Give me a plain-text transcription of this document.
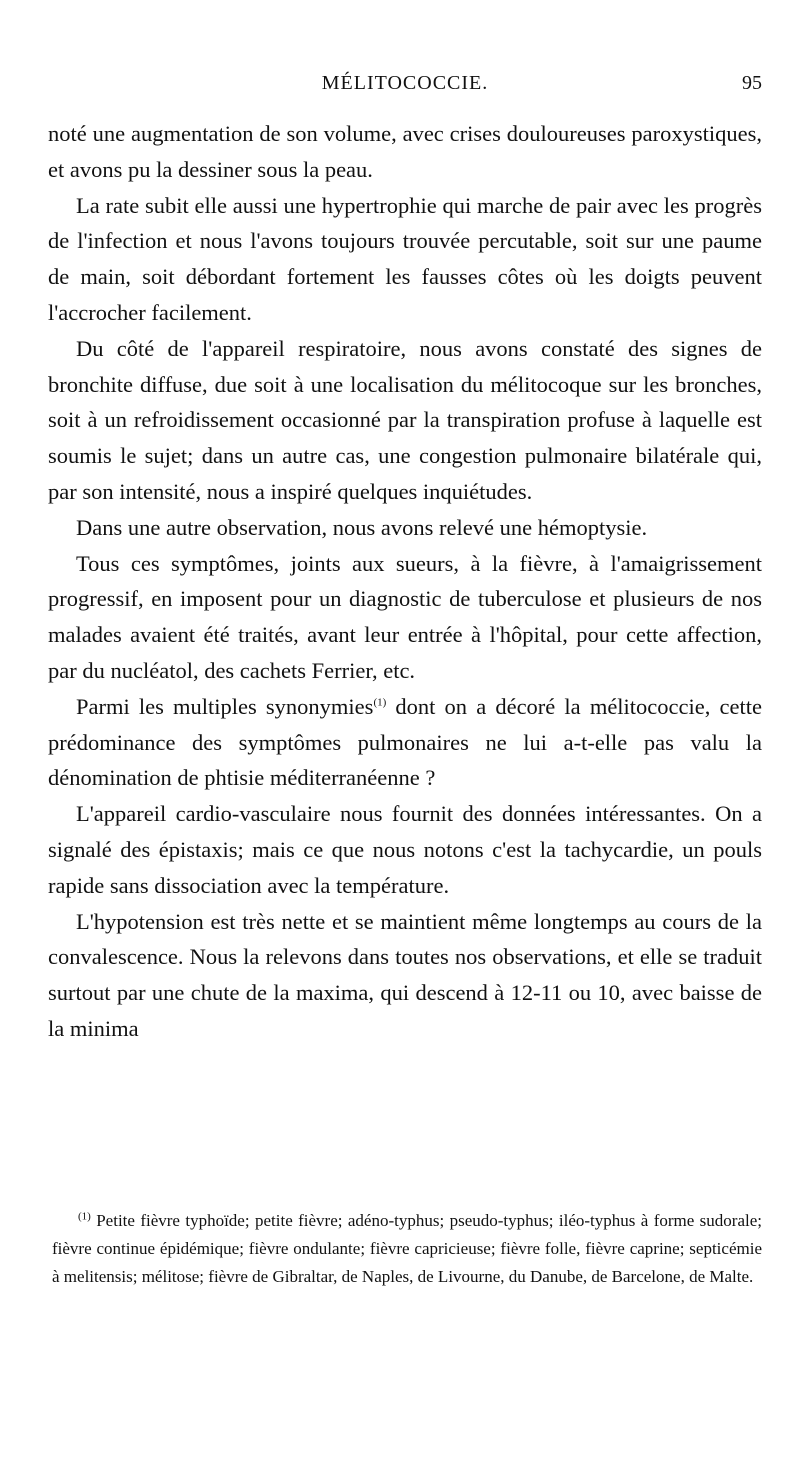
MÉLITOCOCCIE.	95

noté une augmentation de son volume, avec crises douloureuses paroxystiques, et avons pu la dessiner sous la peau.

La rate subit elle aussi une hypertrophie qui marche de pair avec les progrès de l'infection et nous l'avons toujours trouvée percutable, soit sur une paume de main, soit débordant fortement les fausses côtes où les doigts peuvent l'accrocher facilement.

Du côté de l'appareil respiratoire, nous avons constaté des signes de bronchite diffuse, due soit à une localisation du mélitocoque sur les bronches, soit à un refroidissement occasionné par la transpiration profuse à laquelle est soumis le sujet; dans un autre cas, une congestion pulmonaire bilatérale qui, par son intensité, nous a inspiré quelques inquiétudes.

Dans une autre observation, nous avons relevé une hémoptysie.

Tous ces symptômes, joints aux sueurs, à la fièvre, à l'amaigrissement progressif, en imposent pour un diagnostic de tuberculose et plusieurs de nos malades avaient été traités, avant leur entrée à l'hôpital, pour cette affection, par du nucléatol, des cachets Ferrier, etc.

Parmi les multiples synonymies$^{(1)}$ dont on a décoré la mélitococcie, cette prédominance des symptômes pulmonaires ne lui a-t-elle pas valu la dénomination de phtisie méditerranéenne ?

L'appareil cardio-vasculaire nous fournit des données intéressantes. On a signalé des épistaxis; mais ce que nous notons c'est la tachycardie, un pouls rapide sans dissociation avec la température.

L'hypotension est très nette et se maintient même longtemps au cours de la convalescence. Nous la relevons dans toutes nos observations, et elle se traduit surtout par une chute de la maxima, qui descend à 12-11 ou 10, avec baisse de la minima

$^{(1)}$ Petite fièvre typhoïde; petite fièvre; adéno-typhus; pseudo-typhus; iléo-typhus à forme sudorale; fièvre continue épidémique; fièvre ondulante; fièvre capricieuse; fièvre folle, fièvre caprine; septicémie à melitensis; mélitose; fièvre de Gibraltar, de Naples, de Livourne, du Danube, de Barcelone, de Malte.
